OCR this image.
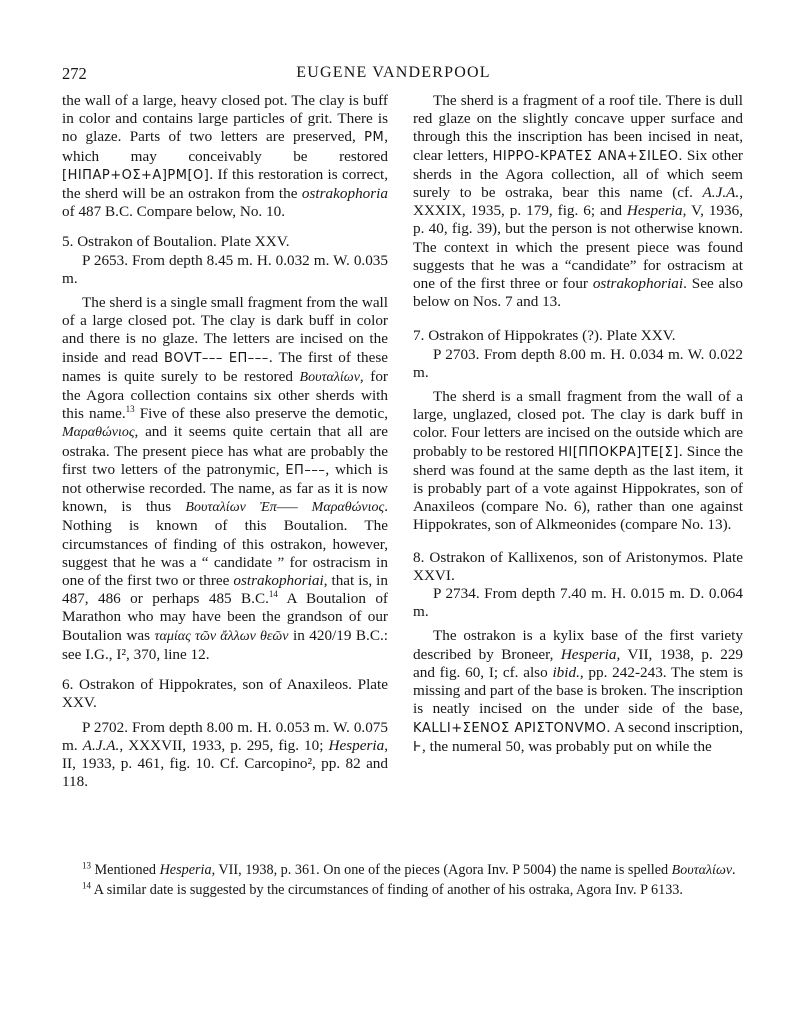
272	EUGENE VANDERPOOL

the wall of a large, heavy closed pot. The clay is buff in color and contains large particles of grit. There is no glaze. Parts of two letters are preserved, PM, which may conceivably be restored [HΙΠΑΡ+ΟΣ+Α]ΡΜ[Ο]. If this restoration is correct, the sherd will be an ostrakon from the ostrakophoria of 487 B.C. Compare below, No. 10.

5. Ostrakon of Boutalion. Plate XXV.

P 2653. From depth 8.45 m. H. 0.032 m. W. 0.035 m.

The sherd is a single small fragment from the wall of a large closed pot. The clay is dark buff in color and there is no glaze. The letters are incised on the inside and read ΒΟVΤ––– ΕΠ–––. The first of these names is quite surely to be restored Βουταλίων, for the Agora collection contains six other sherds with this name.$^{13}$ Five of these also preserve the demotic, Μαραθώνιος, and it seems quite certain that all are ostraka. The present piece has what are probably the first two letters of the patronymic, ΕΠ–––, which is not otherwise recorded. The name, as far as it is now known, is thus Βουταλίων Ἐπ––– Μαραθώνιος. Nothing is known of this Boutalion. The circumstances of finding of this ostrakon, however, suggest that he was a “ candidate ” for ostracism in one of the first two or three ostrakophoriai, that is, in 487, 486 or perhaps 485 B.C.$^{14}$ A Boutalion of Marathon who may have been the grandson of our Boutalion was ταμίας τῶν ἄλλων θεῶν in 420/19 B.C.: see I.G., I², 370, line 12.

6. Ostrakon of Hippokrates, son of Anaxileos. Plate XXV.

P 2702. From depth 8.00 m. H. 0.053 m. W. 0.075 m. A.J.A., XXXVII, 1933, p. 295, fig. 10; Hesperia, II, 1933, p. 461, fig. 10. Cf. Carcopino², pp. 82 and 118.

The sherd is a fragment of a roof tile. There is dull red glaze on the slightly concave upper surface and through this the inscription has been incised in neat, clear letters, ΗΙΡΡΟ-ΚΡΑΤΕΣ ΑΝΑ+ΣΙLΕΟ. Six other sherds in the Agora collection, all of which seem surely to be ostraka, bear this name (cf. A.J.A., XXXIX, 1935, p. 179, fig. 6; and Hesperia, V, 1936, p. 40, fig. 39), but the person is not otherwise known. The context in which the present piece was found suggests that he was a “candidate” for ostracism at one of the first three or four ostrakophoriai. See also below on Nos. 7 and 13.

7. Ostrakon of Hippokrates (?). Plate XXV.

P 2703. From depth 8.00 m. H. 0.034 m. W. 0.022 m.

The sherd is a small fragment from the wall of a large, unglazed, closed pot. The clay is dark buff in color. Four letters are incised on the outside which are probably to be restored ΗΙ[ΠΠΟΚΡΑ]ΤΕ[Σ]. Since the sherd was found at the same depth as the last item, it is probably part of a vote against Hippokrates, son of Anaxileos (compare No. 6), rather than one against Hippokrates, son of Alkmeonides (compare No. 13).

8. Ostrakon of Kallixenos, son of Aristonymos. Plate XXVI.

P 2734. From depth 7.40 m. H. 0.015 m. D. 0.064 m.

The ostrakon is a kylix base of the first variety described by Broneer, Hesperia, VII, 1938, p. 229 and fig. 60, I; cf. also ibid., pp. 242-243. The stem is missing and part of the base is broken. The inscription is neatly incised on the under side of the base, ΚΑLLΙ+ΣΕΝΟΣ ΑΡΙΣΤΟΝVΜΟ. A second inscription, Ͱ, the numeral 50, was probably put on while the

$^{13}$ Mentioned Hesperia, VII, 1938, p. 361. On one of the pieces (Agora Inv. P 5004) the name is spelled Βουταλίων.

$^{14}$ A similar date is suggested by the circumstances of finding of another of his ostraka, Agora Inv. P 6133.
